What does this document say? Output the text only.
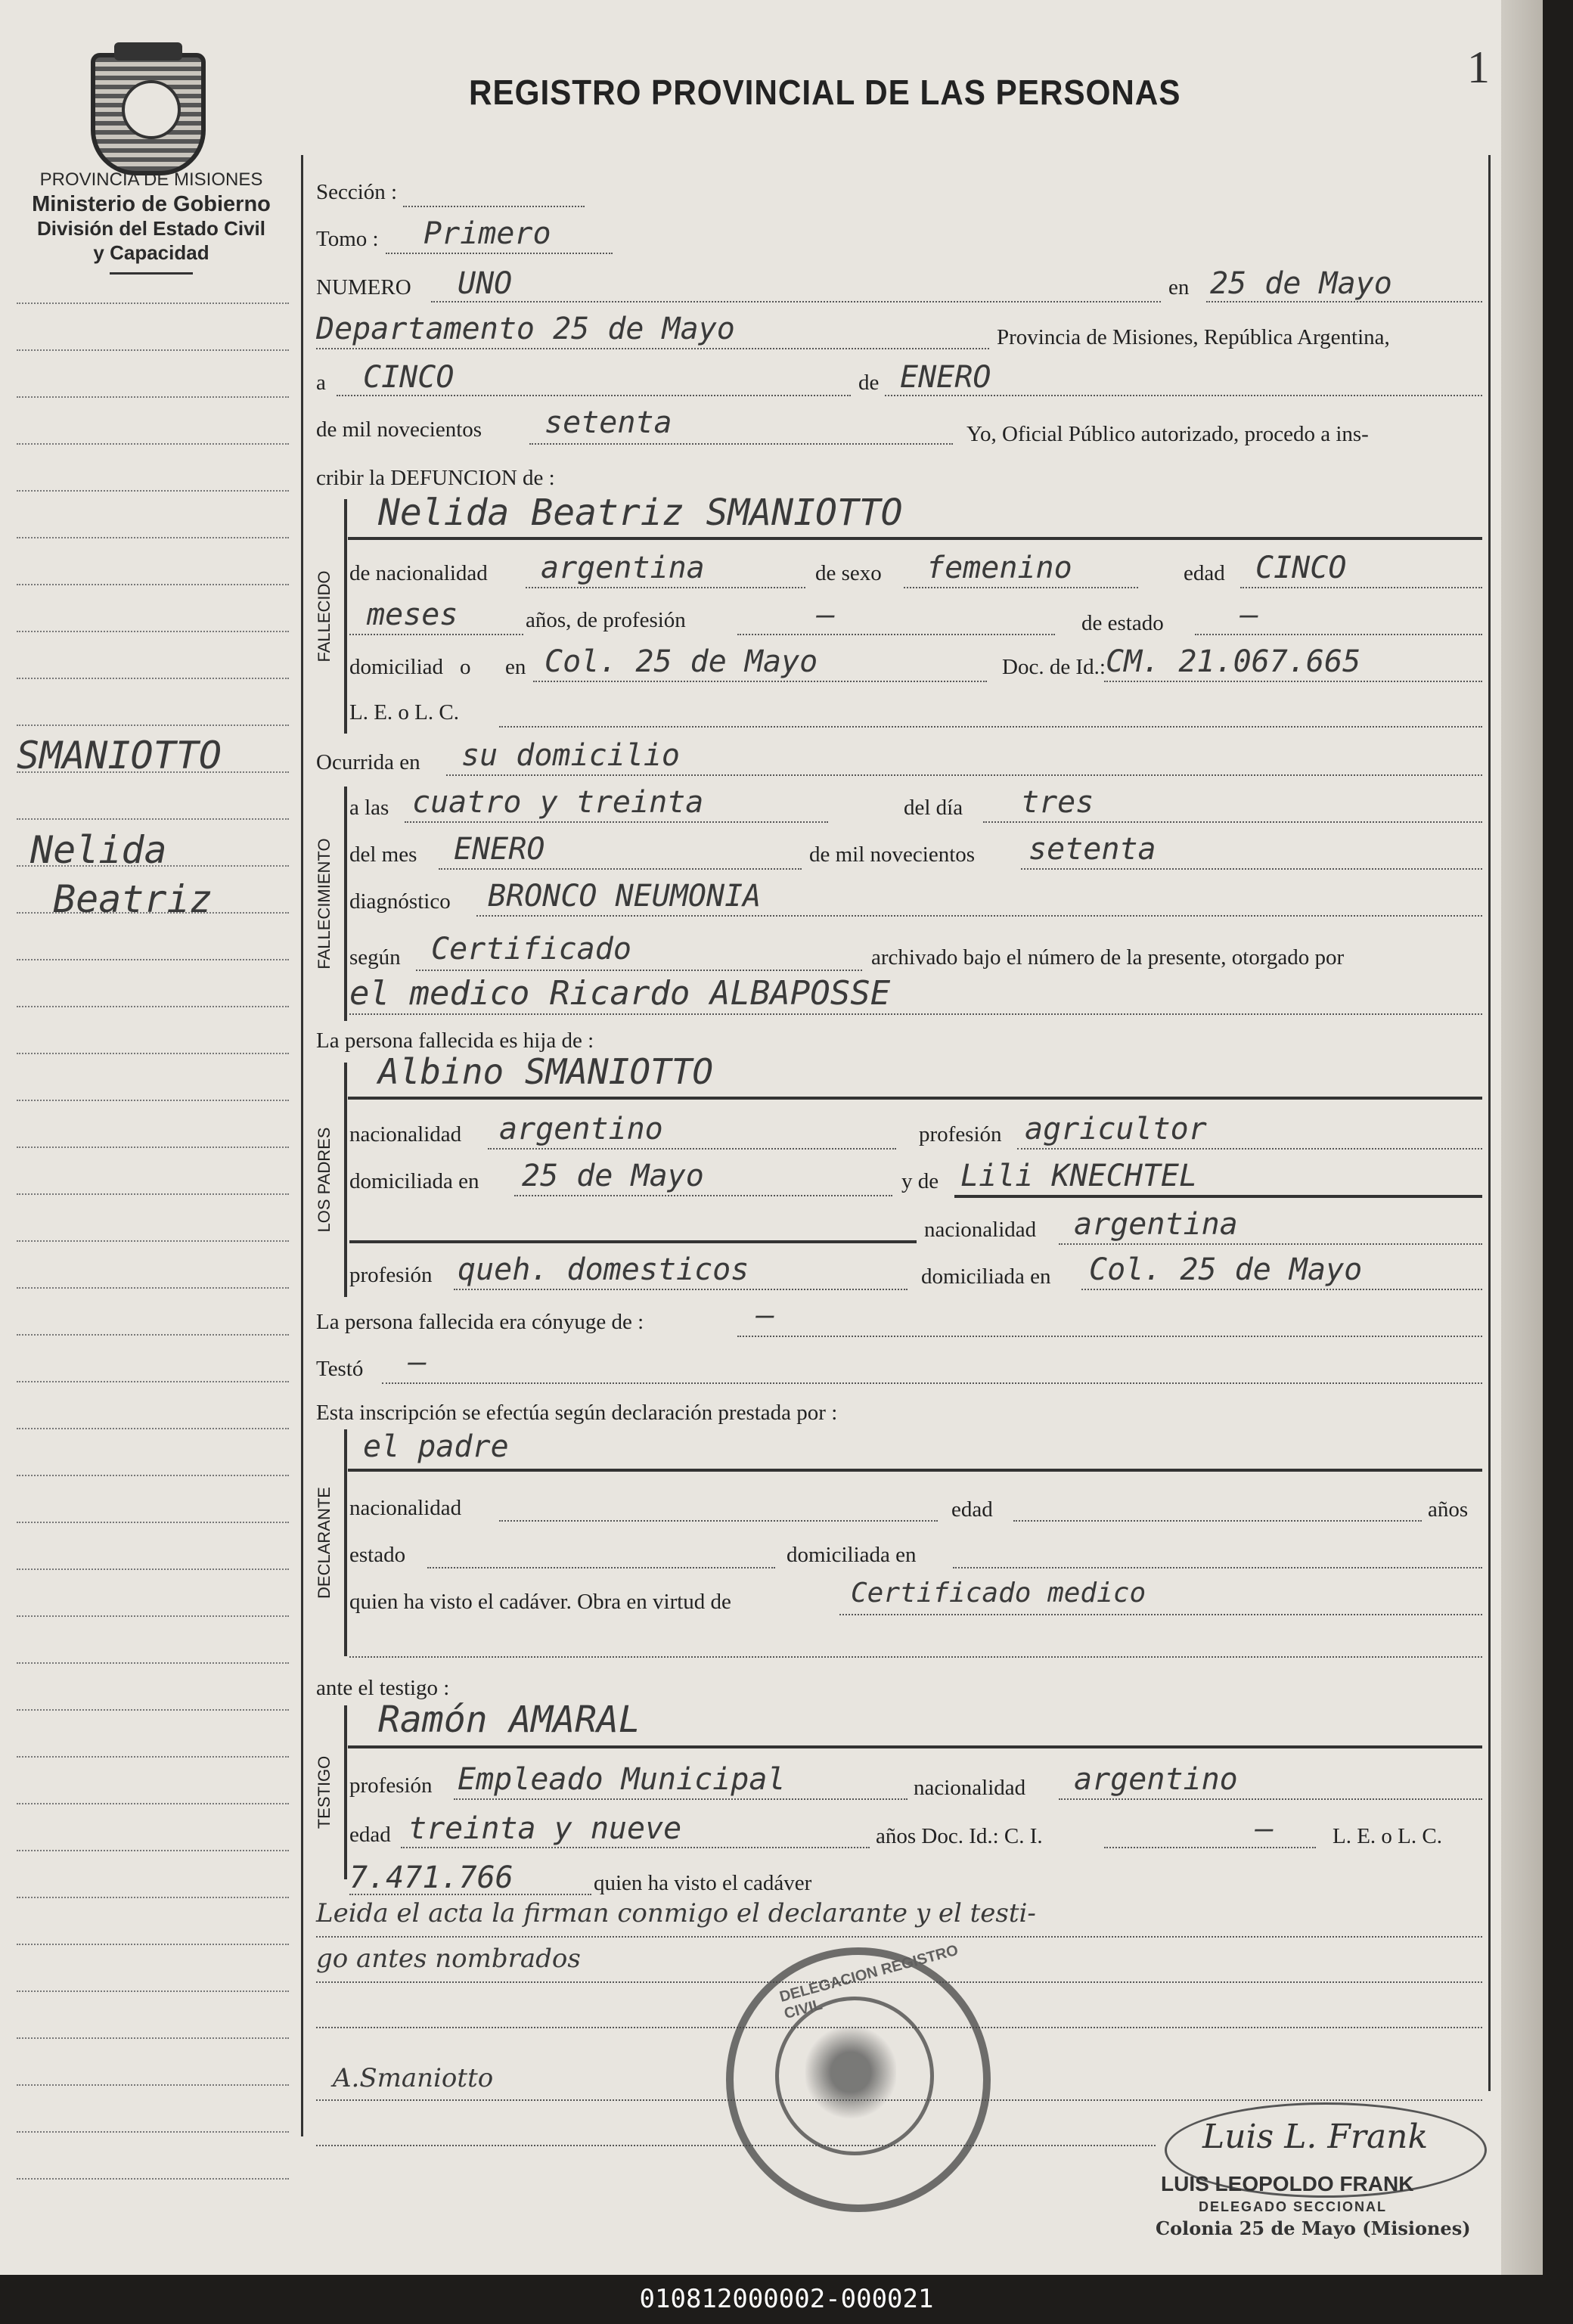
1
PROVINCIA DE MISIONES
Ministerio de Gobierno
División del Estado Civil
y Capacidad
REGISTRO PROVINCIAL DE LAS PERSONAS
SMANIOTTO
Nelida
Beatriz
Sección :
Tomo : Primero
NUMERO UNO	en 25 de Mayo
Departamento 25 de Mayo	Provincia de Misiones, República Argentina,
a CINCO	de ENERO
de mil novecientos setenta	Yo, Oficial Público autorizado, procedo a ins-
cribir la DEFUNCION de :
FALLECIDO
Nelida Beatriz SMANIOTTO
de nacionalidad argentina	de sexo femenino	edad CINCO
meses	años, de profesión	—	de estado	—
domiciliad o en Col. 25 de Mayo	Doc. de Id.: CM. 21.067.665
L. E. o L. C.
Ocurrida en su domicilio
FALLECIMIENTO
a las cuatro y treinta	del día tres
del mes ENERO	de mil novecientos setenta
diagnóstico BRONCO NEUMONIA
según Certificado	archivado bajo el número de la presente, otorgado por
el medico Ricardo ALBAPOSSE
La persona fallecida es hija de :
LOS PADRES
Albino SMANIOTTO
nacionalidad argentino	profesión agricultor
domiciliada en 25 de Mayo	y de Lili KNECHTEL
nacionalidad argentina
profesión queh. domesticos	domiciliada en Col. 25 de Mayo
La persona fallecida era cónyuge de :	—
Testó —
Esta inscripción se efectúa según declaración prestada por :
DECLARANTE
el padre
nacionalidad	edad	años
estado	domiciliada en
quien ha visto el cadáver. Obra en virtud de	Certificado medico
ante el testigo :
TESTIGO
Ramón AMARAL
profesión Empleado Municipal	nacionalidad argentino
edad treinta y nueve	años Doc. Id.: C. I.	—	L. E. o L. C.
7.471.766	quien ha visto el cadáver
Leida el acta la firman conmigo el declarante y el testi-
go antes nombrados
A.Smaniotto
DELEGACION REGISTRO CIVIL
Luis L. Frank
LUIS LEOPOLDO FRANK
DELEGADO SECCIONAL
Colonia 25 de Mayo (Misiones)
010812000002-000021
